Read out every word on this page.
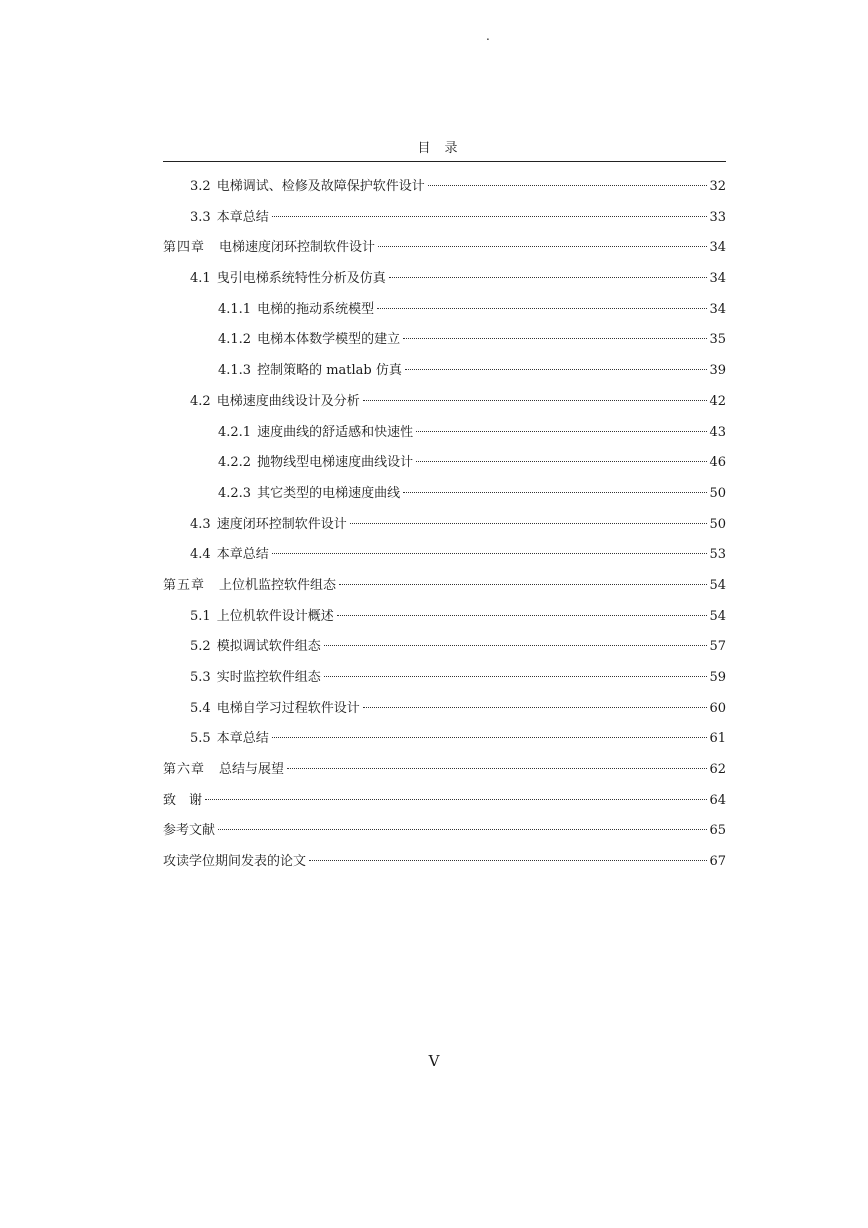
.
目录
3.2 电梯调试、检修及故障保护软件设计	32
3.3 本章总结	33
第四章 电梯速度闭环控制软件设计	34
4.1 曳引电梯系统特性分析及仿真	34
4.1.1 电梯的拖动系统模型	34
4.1.2 电梯本体数学模型的建立	35
4.1.3 控制策略的 matlab 仿真	39
4.2 电梯速度曲线设计及分析	42
4.2.1 速度曲线的舒适感和快速性	43
4.2.2 抛物线型电梯速度曲线设计	46
4.2.3 其它类型的电梯速度曲线	50
4.3 速度闭环控制软件设计	50
4.4 本章总结	53
第五章 上位机监控软件组态	54
5.1 上位机软件设计概述	54
5.2 模拟调试软件组态	57
5.3 实时监控软件组态	59
5.4 电梯自学习过程软件设计	60
5.5 本章总结	61
第六章 总结与展望	62
致　谢	64
参考文献	65
攻读学位期间发表的论文	67
V
